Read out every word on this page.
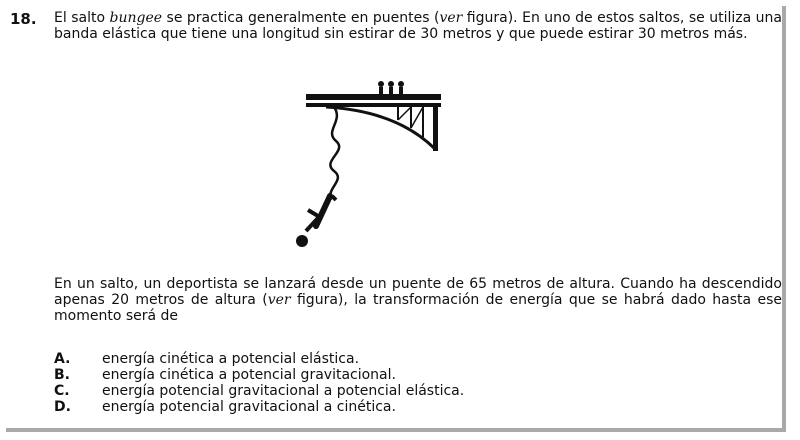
18. El salto bungee se practica generalmente en puentes (ver figura). En uno de estos saltos, se utiliza una banda elástica que tiene una longitud sin estirar de 30 metros y que puede estirar 30 metros más.
En un salto, un deportista se lanzará desde un puente de 65 metros de altura. Cuando ha descendido apenas 20 metros de altura (ver figura), la transformación de energía que se habrá dado hasta ese momento será de
A.	energía cinética a potencial elástica.
B.	energía cinética a potencial gravitacional.
C.	energía potencial gravitacional a potencial elástica.
D.	energía potencial gravitacional a cinética.
